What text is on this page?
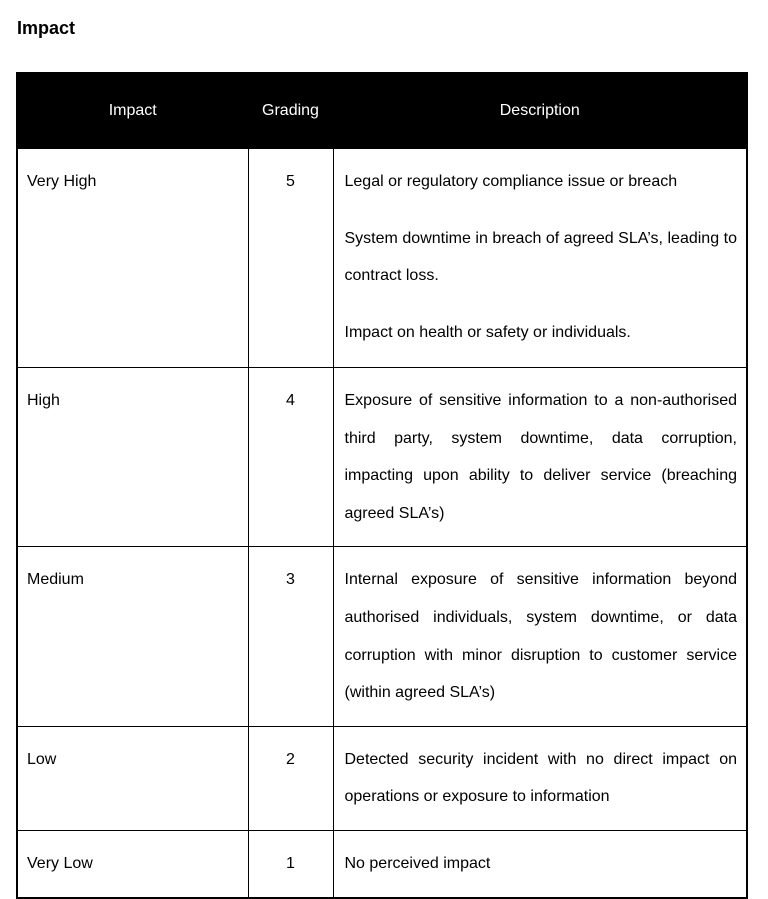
Impact
Impact	Grading	Description
Very High	5	Legal or regulatory compliance issue or breach

System downtime in breach of agreed SLA’s, leading to contract loss.

Impact on health or safety or individuals.

High	4	Exposure of sensitive information to a non-authorised third party, system downtime, data corruption, impacting upon ability to deliver service (breaching agreed SLA’s)

Medium	3	Internal exposure of sensitive information beyond authorised individuals, system downtime, or data corruption with minor disruption to customer service (within agreed SLA’s)

Low	2	Detected security incident with no direct impact on operations or exposure to information

Very Low	1	No perceived impact
